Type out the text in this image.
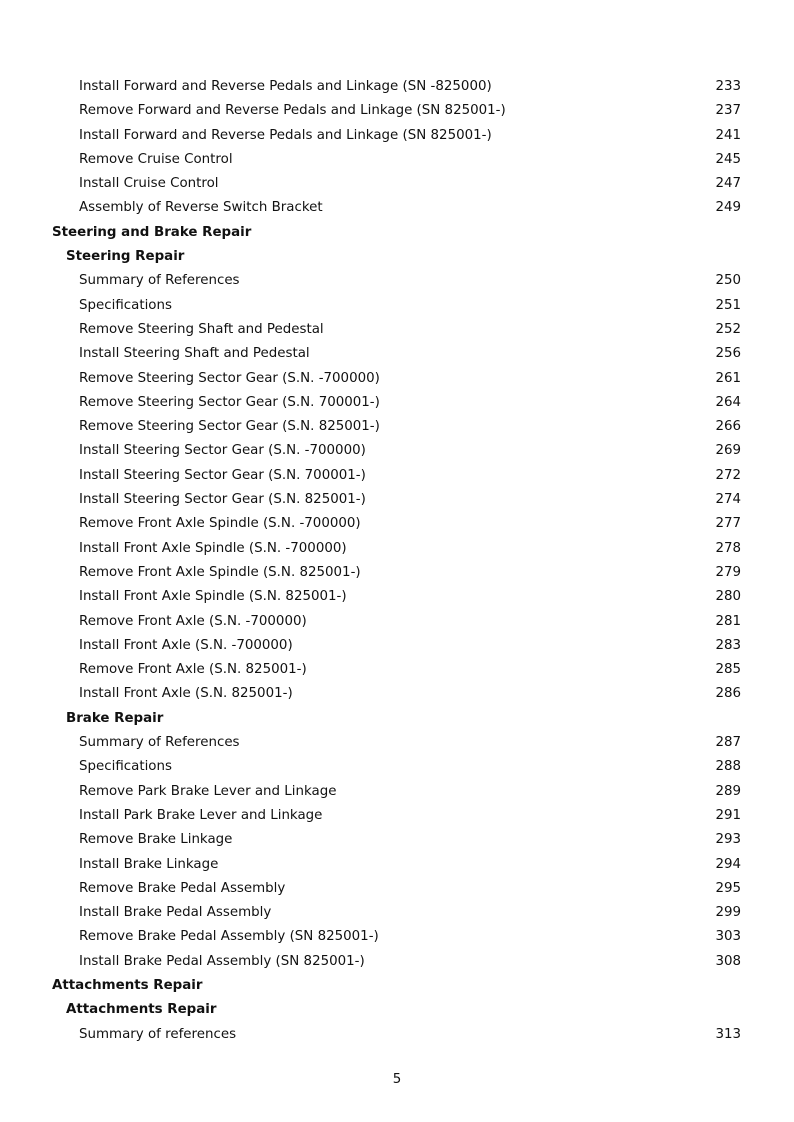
Install Forward and Reverse Pedals and Linkage (SN -825000)	233
Remove Forward and Reverse Pedals and Linkage (SN 825001-)	237
Install Forward and Reverse Pedals and Linkage (SN 825001-)	241
Remove Cruise Control	245
Install Cruise Control	247
Assembly of Reverse Switch Bracket	249
Steering and Brake Repair
Steering Repair
Summary of References	250
Specifications	251
Remove Steering Shaft and Pedestal	252
Install Steering Shaft and Pedestal	256
Remove Steering Sector Gear (S.N. -700000)	261
Remove Steering Sector Gear (S.N. 700001-)	264
Remove Steering Sector Gear (S.N. 825001-)	266
Install Steering Sector Gear (S.N. -700000)	269
Install Steering Sector Gear (S.N. 700001-)	272
Install Steering Sector Gear (S.N. 825001-)	274
Remove Front Axle Spindle (S.N. -700000)	277
Install Front Axle Spindle (S.N. -700000)	278
Remove Front Axle Spindle (S.N. 825001-)	279
Install Front Axle Spindle (S.N. 825001-)	280
Remove Front Axle (S.N. -700000)	281
Install Front Axle (S.N. -700000)	283
Remove Front Axle (S.N. 825001-)	285
Install Front Axle (S.N. 825001-)	286
Brake Repair
Summary of References	287
Specifications	288
Remove Park Brake Lever and Linkage	289
Install Park Brake Lever and Linkage	291
Remove Brake Linkage	293
Install Brake Linkage	294
Remove Brake Pedal Assembly	295
Install Brake Pedal Assembly	299
Remove Brake Pedal Assembly (SN 825001-)	303
Install Brake Pedal Assembly (SN 825001-)	308
Attachments Repair
Attachments Repair
Summary of references	313
5
